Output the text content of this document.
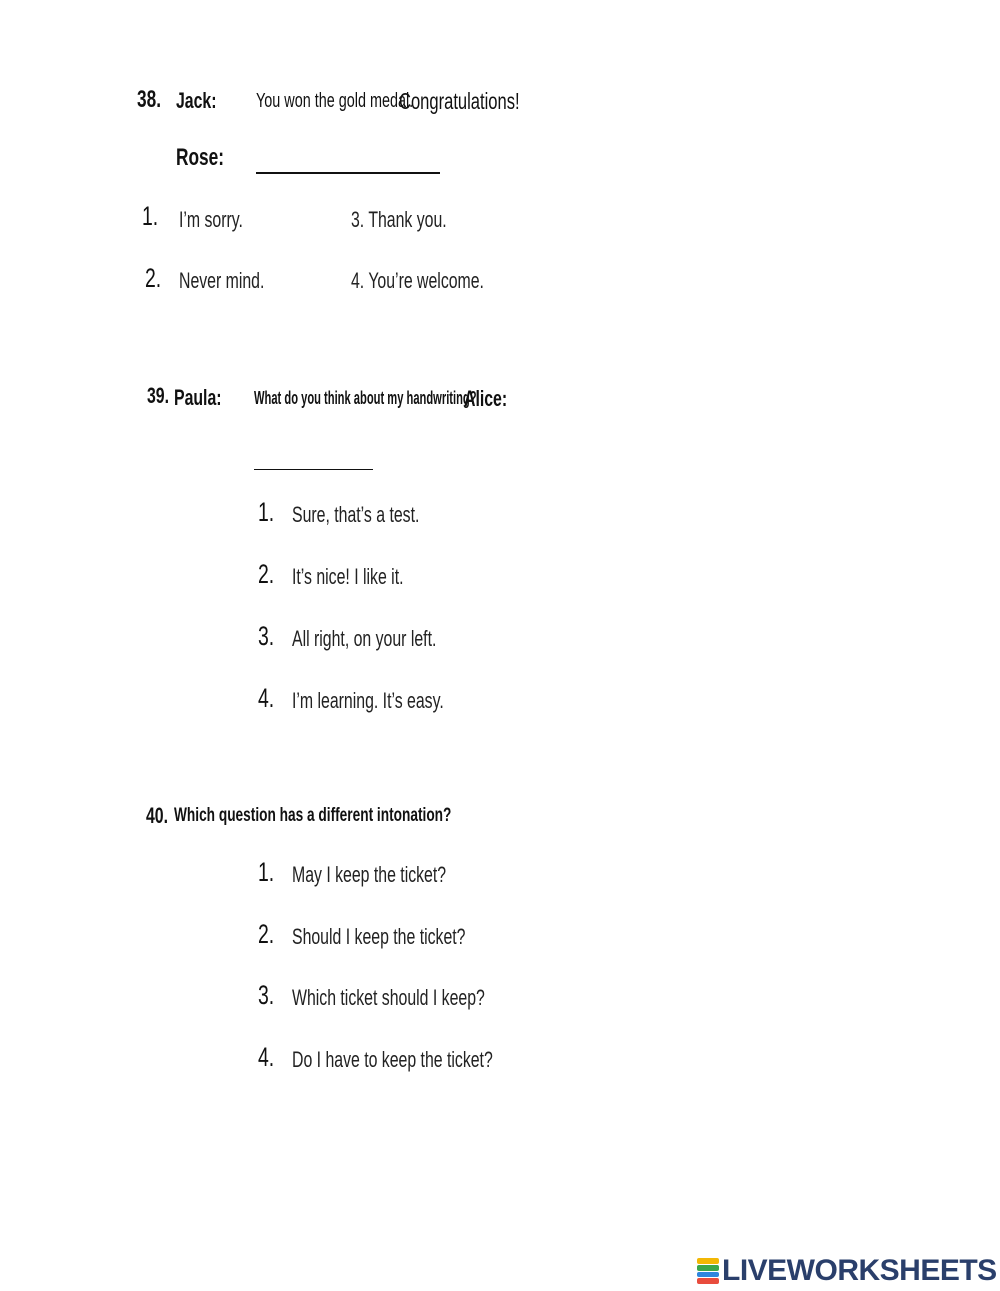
38. Jack: You won the gold medal.
Congratulations!
Rose:
1. I’m sorry.	3. Thank you.
2. Never mind.	4. You’re welcome.
39. Paula: What do you think about my handwriting?
Alice:
1. Sure, that’s a test.
2. It’s nice! I like it.
3. All right, on your left.
4. I’m learning. It’s easy.
40. Which question has a different intonation?
1. May I keep the ticket?
2. Should I keep the ticket?
3. Which ticket should I keep?
4. Do I have to keep the ticket?
LIVEWORKSHEETS
